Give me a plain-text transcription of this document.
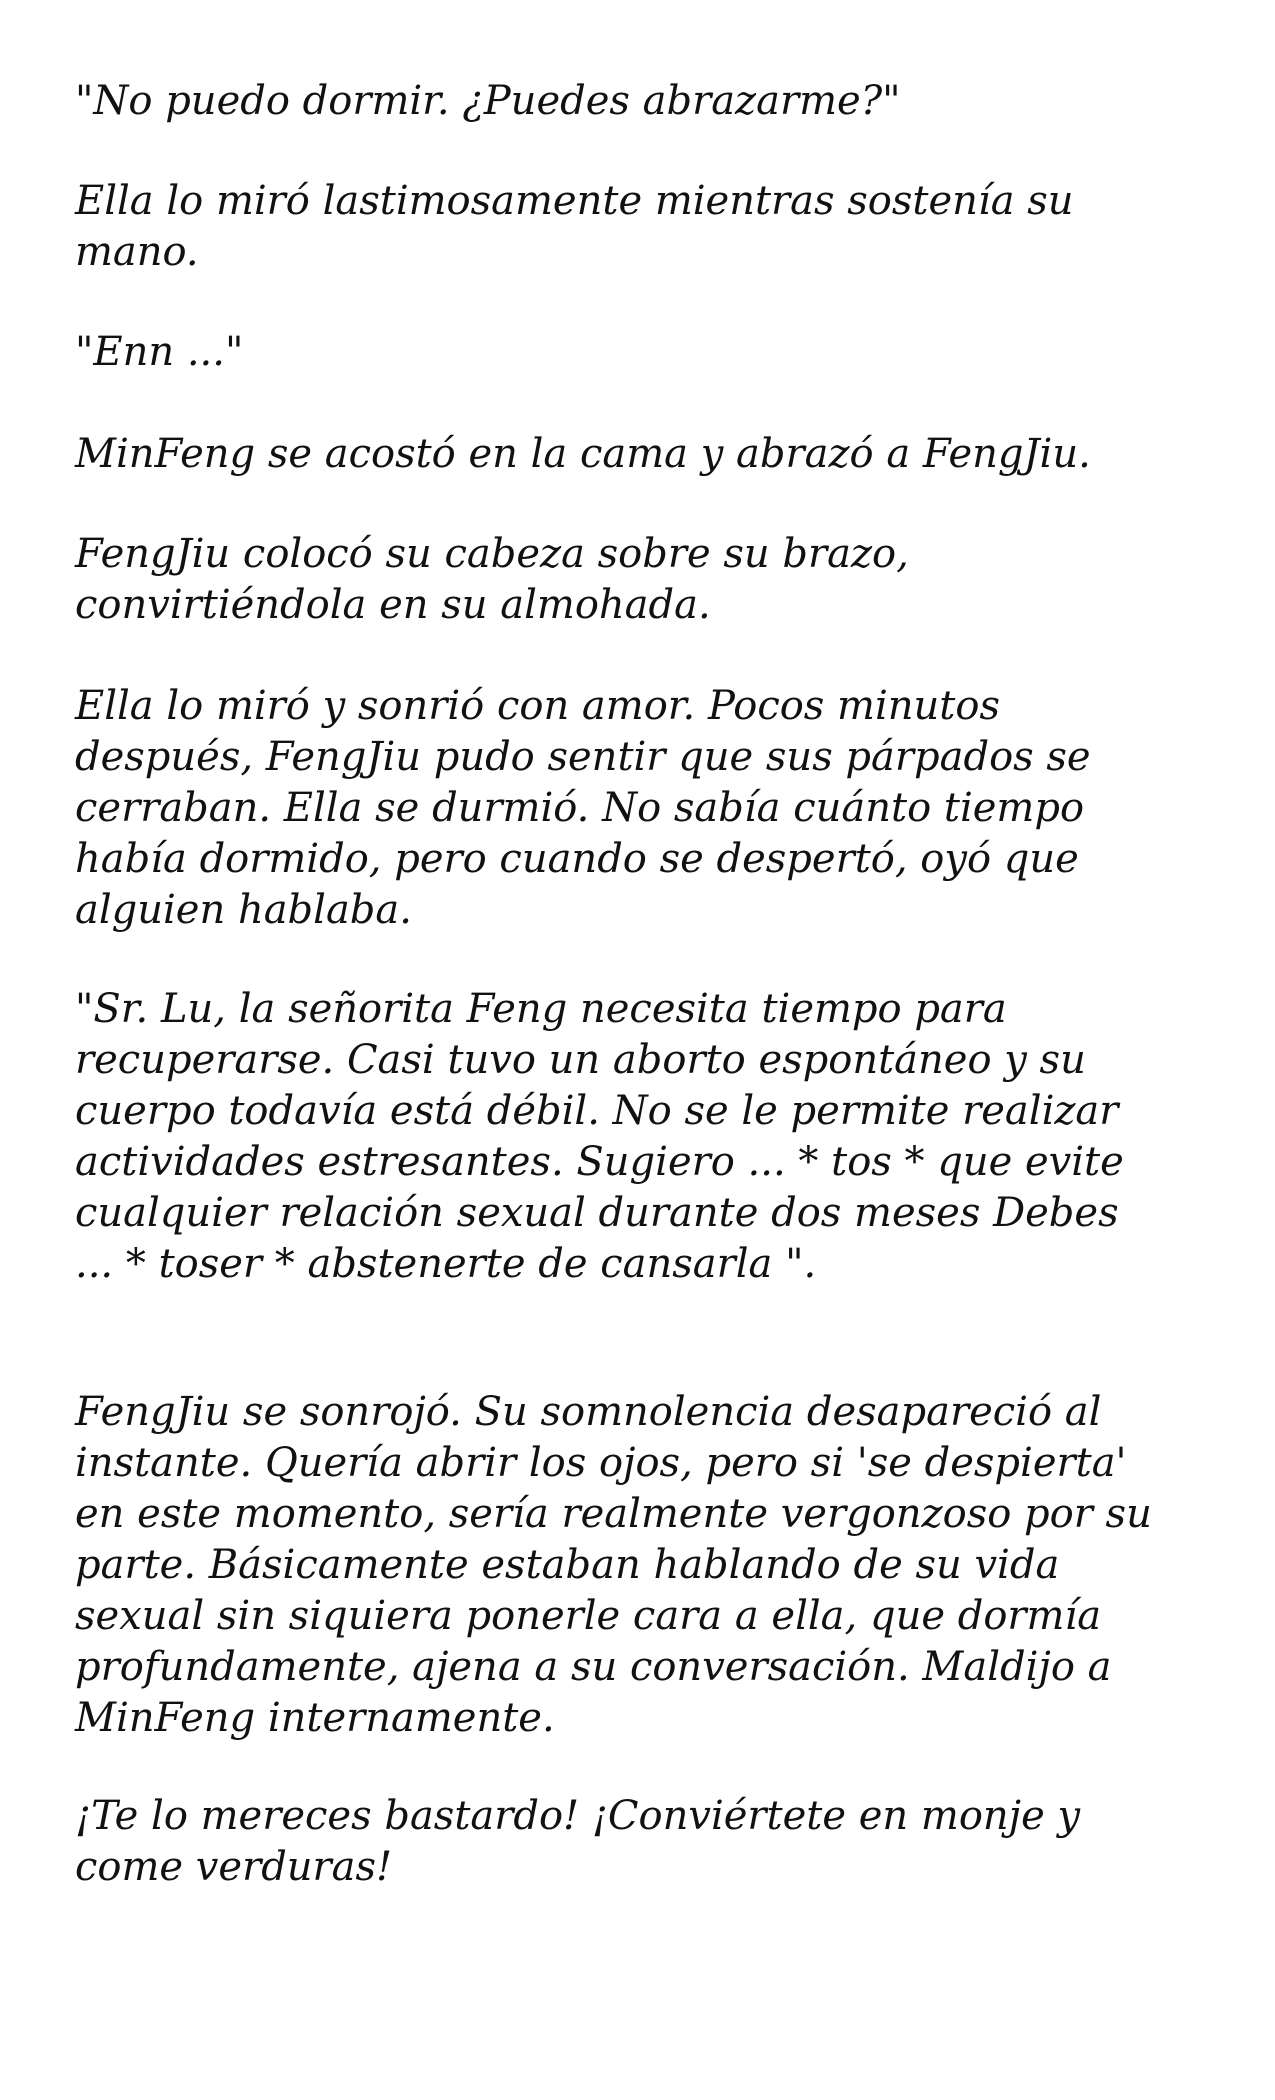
"No puedo dormir. ¿Puedes abrazarme?"
Ella lo miró lastimosamente mientras sostenía su
mano.
"Enn ..."
MinFeng se acostó en la cama y abrazó a FengJiu.
FengJiu colocó su cabeza sobre su brazo,
convirtiéndola en su almohada.
Ella lo miró y sonrió con amor. Pocos minutos
después, FengJiu pudo sentir que sus párpados se
cerraban. Ella se durmió. No sabía cuánto tiempo
había dormido, pero cuando se despertó, oyó que
alguien hablaba.
"Sr. Lu, la señorita Feng necesita tiempo para
recuperarse. Casi tuvo un aborto espontáneo y su
cuerpo todavía está débil. No se le permite realizar
actividades estresantes. Sugiero ... * tos * que evite
cualquier relación sexual durante dos meses Debes
... * toser * abstenerte de cansarla ".
FengJiu se sonrojó. Su somnolencia desapareció al
instante. Quería abrir los ojos, pero si 'se despierta'
en este momento, sería realmente vergonzoso por su
parte. Básicamente estaban hablando de su vida
sexual sin siquiera ponerle cara a ella, que dormía
profundamente, ajena a su conversación. Maldijo a
MinFeng internamente.
¡Te lo mereces bastardo! ¡Conviértete en monje y
come verduras!
